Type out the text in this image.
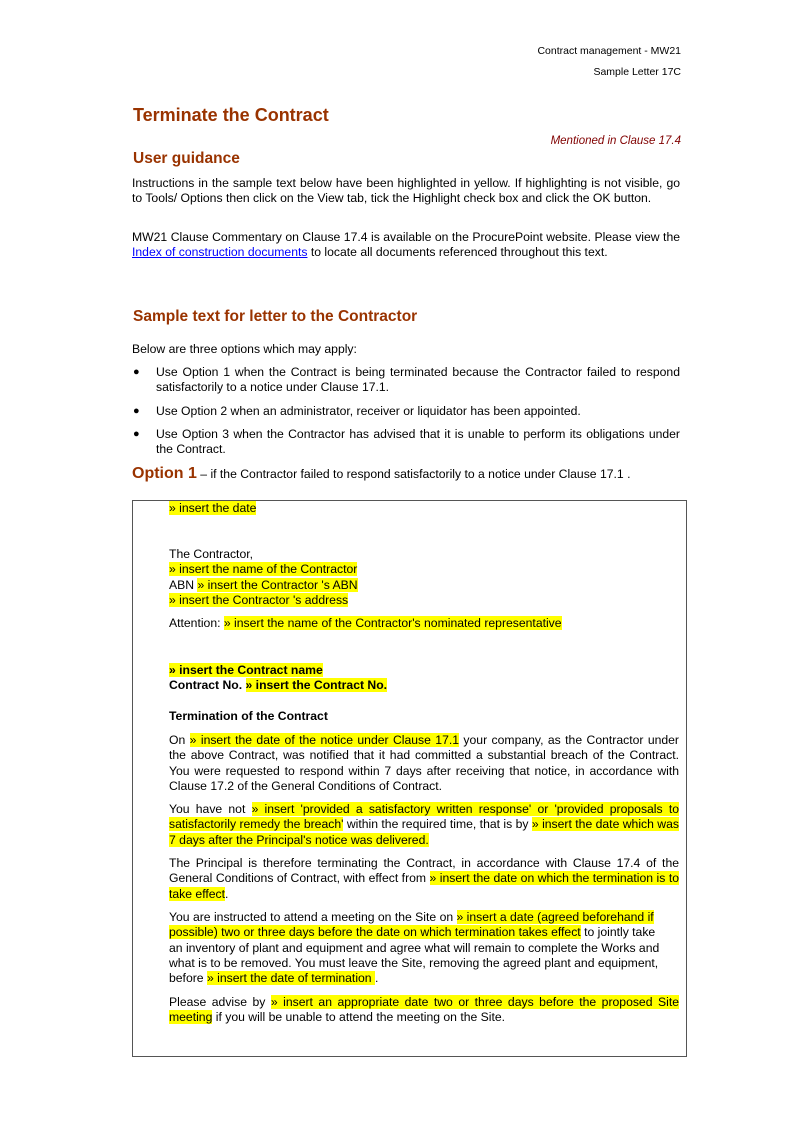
Contract management - MW21
Sample Letter 17C
Terminate the Contract
Mentioned in Clause 17.4
User guidance
Instructions in the sample text below have been highlighted in yellow. If highlighting is not visible, go to Tools/ Options then click on the View tab, tick the Highlight check box and click the OK button.
MW21 Clause Commentary on Clause 17.4 is available on the ProcurePoint website. Please view the Index of construction documents to locate all documents referenced throughout this text.
Sample text for letter to the Contractor
Below are three options which may apply:
● Use Option 1 when the Contract is being terminated because the Contractor failed to respond satisfactorily to a notice under Clause 17.1.
● Use Option 2 when an administrator, receiver or liquidator has been appointed.
● Use Option 3 when the Contractor has advised that it is unable to perform its obligations under the Contract.
Option 1 – if the Contractor failed to respond satisfactorily to a notice under Clause 17.1 .
» insert the date
The Contractor,
» insert the name of the Contractor
ABN » insert the Contractor 's ABN
» insert the Contractor 's address
Attention: » insert the name of the Contractor's nominated representative
» insert the Contract name
Contract No. » insert the Contract No.
Termination of the Contract
On » insert the date of the notice under Clause 17.1 your company, as the Contractor under the above Contract, was notified that it had committed a substantial breach of the Contract. You were requested to respond within 7 days after receiving that notice, in accordance with Clause 17.2 of the General Conditions of Contract.
You have not » insert 'provided a satisfactory written response' or 'provided proposals to satisfactorily remedy the breach' within the required time, that is by » insert the date which was 7 days after the Principal's notice was delivered.
The Principal is therefore terminating the Contract, in accordance with Clause 17.4 of the General Conditions of Contract, with effect from » insert the date on which the termination is to take effect.
You are instructed to attend a meeting on the Site on » insert a date (agreed beforehand if possible) two or three days before the date on which termination takes effect to jointly take an inventory of plant and equipment and agree what will remain to complete the Works and what is to be removed. You must leave the Site, removing the agreed plant and equipment, before » insert the date of termination .
Please advise by » insert an appropriate date two or three days before the proposed Site meeting if you will be unable to attend the meeting on the Site.
